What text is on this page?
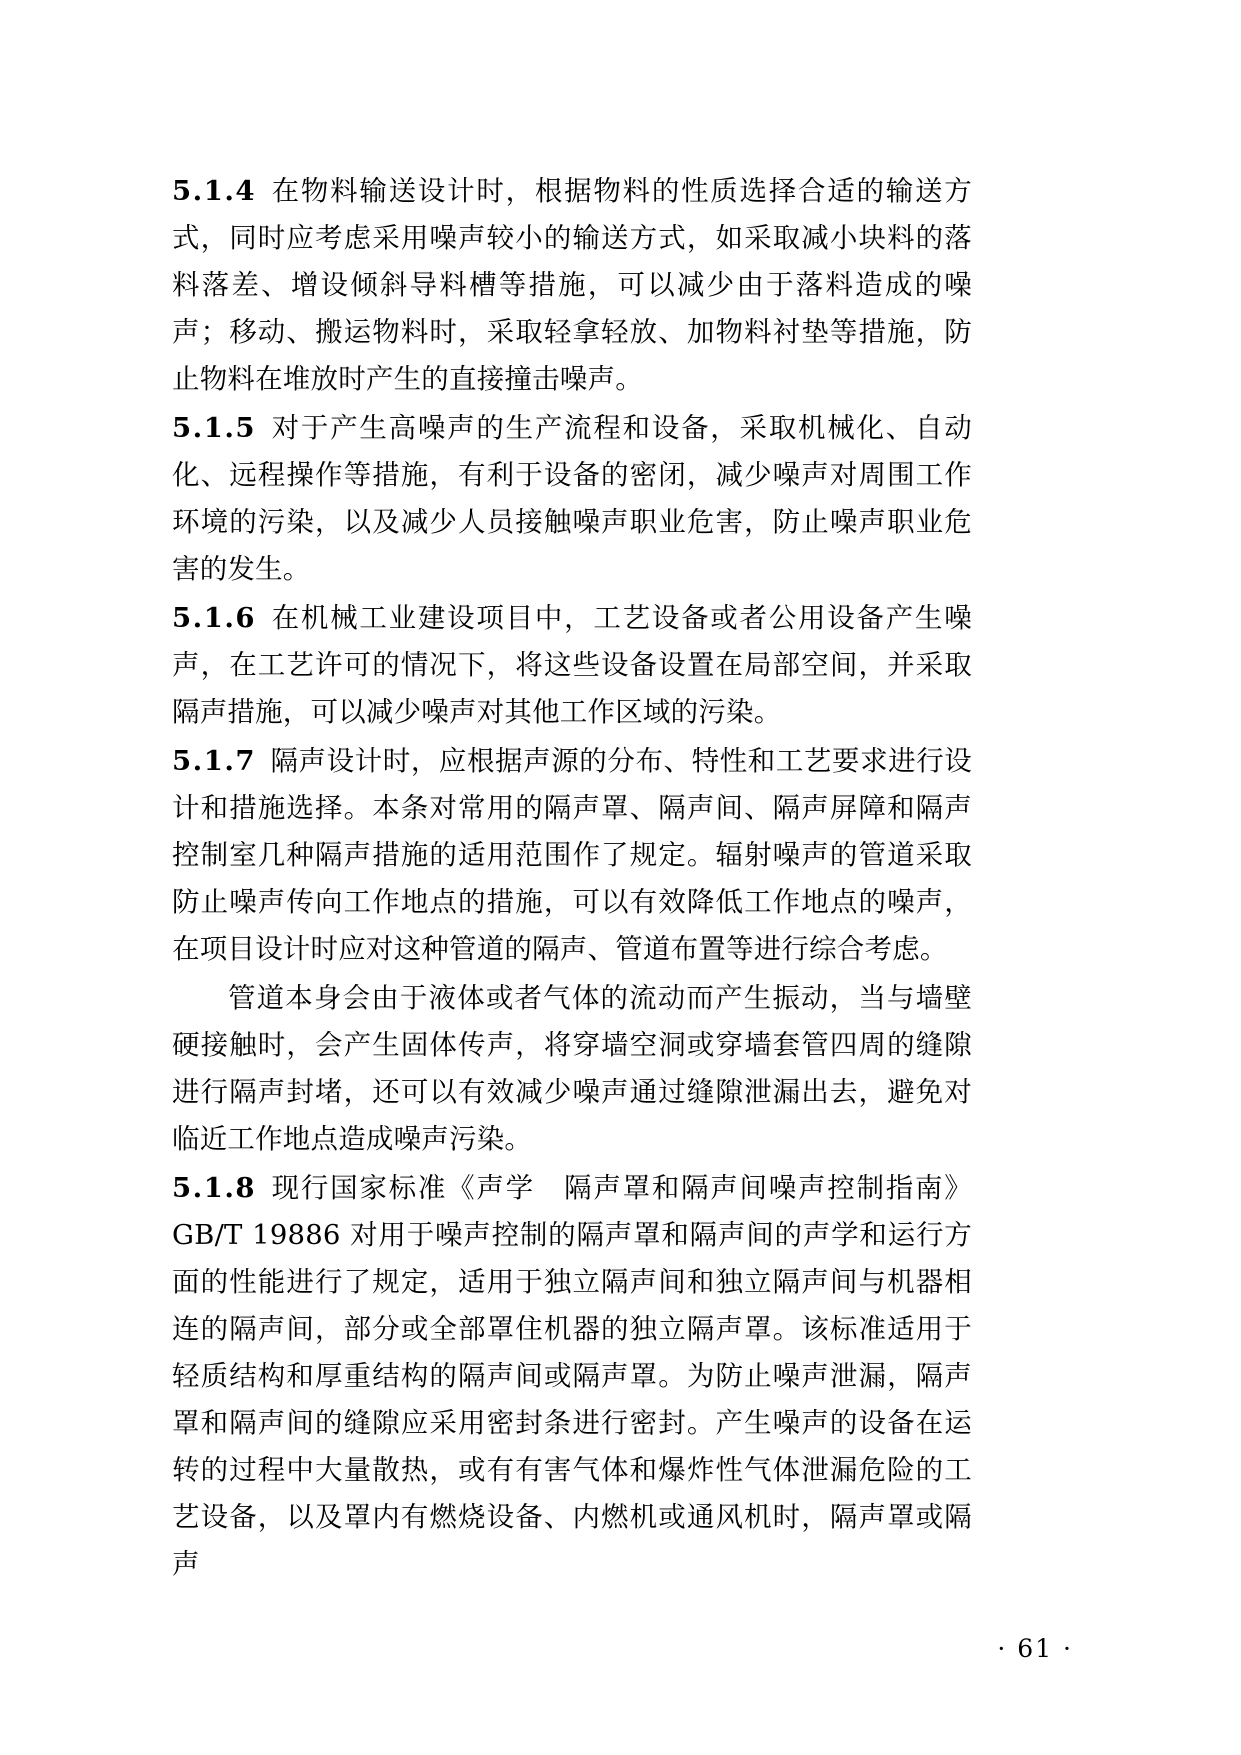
5.1.4 在物料输送设计时，根据物料的性质选择合适的输送方式，同时应考虑采用噪声较小的输送方式，如采取减小块料的落料落差、增设倾斜导料槽等措施，可以减少由于落料造成的噪声；移动、搬运物料时，采取轻拿轻放、加物料衬垫等措施，防止物料在堆放时产生的直接撞击噪声。

5.1.5 对于产生高噪声的生产流程和设备，采取机械化、自动化、远程操作等措施，有利于设备的密闭，减少噪声对周围工作环境的污染，以及减少人员接触噪声职业危害，防止噪声职业危害的发生。

5.1.6 在机械工业建设项目中，工艺设备或者公用设备产生噪声，在工艺许可的情况下，将这些设备设置在局部空间，并采取隔声措施，可以减少噪声对其他工作区域的污染。

5.1.7 隔声设计时，应根据声源的分布、特性和工艺要求进行设计和措施选择。本条对常用的隔声罩、隔声间、隔声屏障和隔声控制室几种隔声措施的适用范围作了规定。辐射噪声的管道采取防止噪声传向工作地点的措施，可以有效降低工作地点的噪声，在项目设计时应对这种管道的隔声、管道布置等进行综合考虑。

管道本身会由于液体或者气体的流动而产生振动，当与墙壁硬接触时，会产生固体传声，将穿墙空洞或穿墙套管四周的缝隙进行隔声封堵，还可以有效减少噪声通过缝隙泄漏出去，避免对临近工作地点造成噪声污染。

5.1.8 现行国家标准《声学　隔声罩和隔声间噪声控制指南》GB/T 19886 对用于噪声控制的隔声罩和隔声间的声学和运行方面的性能进行了规定，适用于独立隔声间和独立隔声间与机器相连的隔声间，部分或全部罩住机器的独立隔声罩。该标准适用于轻质结构和厚重结构的隔声间或隔声罩。为防止噪声泄漏，隔声罩和隔声间的缝隙应采用密封条进行密封。产生噪声的设备在运转的过程中大量散热，或有有害气体和爆炸性气体泄漏危险的工艺设备，以及罩内有燃烧设备、内燃机或通风机时，隔声罩或隔声

· 61 ·
